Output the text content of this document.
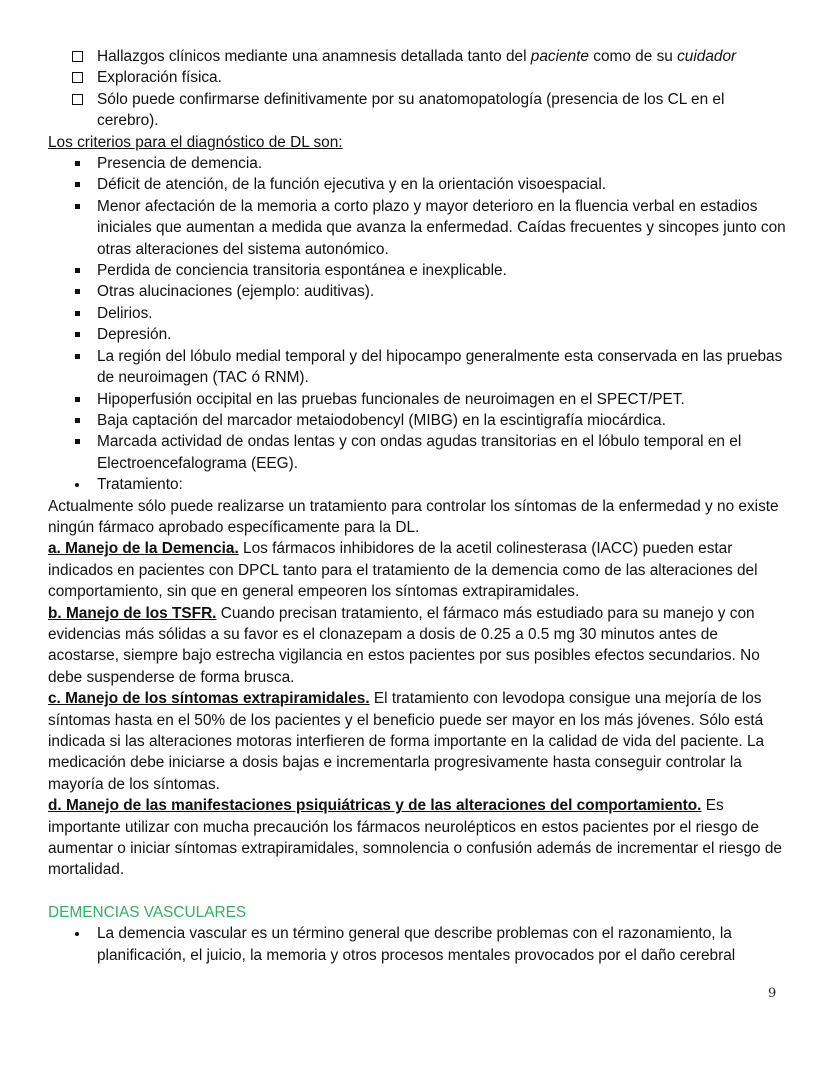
Hallazgos clínicos mediante una anamnesis detallada tanto del paciente como de su cuidador
Exploración física.
Sólo puede confirmarse definitivamente por su anatomopatología (presencia de los CL en el cerebro).
Los criterios para el diagnóstico de DL son:
Presencia de demencia.
Déficit de atención, de la función ejecutiva y en la orientación visoespacial.
Menor afectación de la memoria a corto plazo y mayor deterioro en la fluencia verbal en estadios iniciales que aumentan a medida que avanza la enfermedad. Caídas frecuentes y sincopes junto con otras alteraciones del sistema autonómico.
Perdida de conciencia transitoria espontánea e inexplicable.
Otras alucinaciones (ejemplo: auditivas).
Delirios.
Depresión.
La región del lóbulo medial temporal y del hipocampo generalmente esta conservada en las pruebas de neuroimagen (TAC ó RNM).
Hipoperfusión occipital en las pruebas funcionales de neuroimagen en el SPECT/PET.
Baja captación del marcador metaiodobencyl (MIBG) en la escintigrafía miocárdica.
Marcada actividad de ondas lentas y con ondas agudas transitorias en el lóbulo temporal en el Electroencefalograma (EEG).
Tratamiento:

Actualmente sólo puede realizarse un tratamiento para controlar los síntomas de la enfermedad y no existe ningún fármaco aprobado específicamente para la DL.

a. Manejo de la Demencia. Los fármacos inhibidores de la acetil colinesterasa (IACC) pueden estar indicados en pacientes con DPCL tanto para el tratamiento de la demencia como de las alteraciones del comportamiento, sin que en general empeoren los síntomas extrapiramidales.

b. Manejo de los TSFR. Cuando precisan tratamiento, el fármaco más estudiado para su manejo y con evidencias más sólidas a su favor es el clonazepam a dosis de 0.25 a 0.5 mg 30 minutos antes de acostarse, siempre bajo estrecha vigilancia en estos pacientes por sus posibles efectos secundarios. No debe suspenderse de forma brusca.

c. Manejo de los síntomas extrapiramidales. El tratamiento con levodopa consigue una mejoría de los síntomas hasta en el 50% de los pacientes y el beneficio puede ser mayor en los más jóvenes. Sólo está indicada si las alteraciones motoras interfieren de forma importante en la calidad de vida del paciente. La medicación debe iniciarse a dosis bajas e incrementarla progresivamente hasta conseguir controlar la mayoría de los síntomas.

d. Manejo de las manifestaciones psiquiátricas y de las alteraciones del comportamiento. Es importante utilizar con mucha precaución los fármacos neurolépticos en estos pacientes por el riesgo de aumentar o iniciar síntomas extrapiramidales, somnolencia o confusión además de incrementar el riesgo de mortalidad.

DEMENCIAS VASCULARES
La demencia vascular es un término general que describe problemas con el razonamiento, la planificación, el juicio, la memoria y otros procesos mentales provocados por el daño cerebral
9
